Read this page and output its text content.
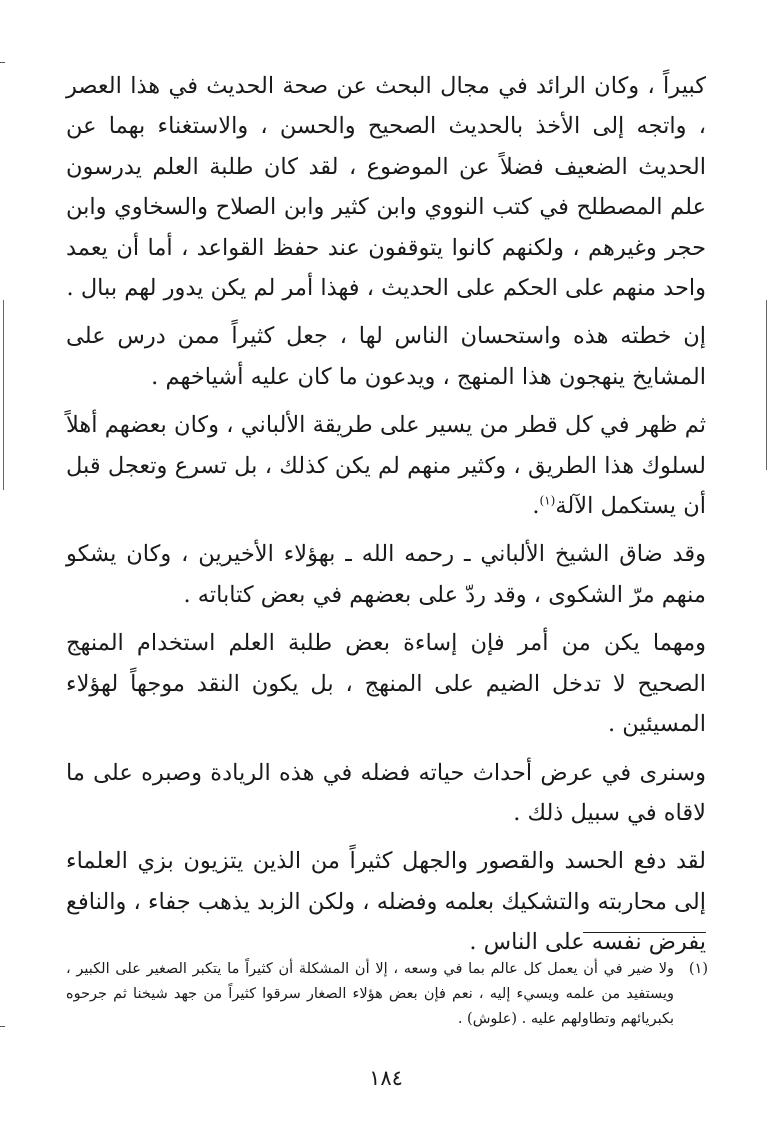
كبيراً ، وكان الرائد في مجال البحث عن صحة الحديث في هذا العصر ، واتجه إلى الأخذ بالحديث الصحيح والحسن ، والاستغناء بهما عن الحديث الضعيف فضلاً عن الموضوع ، لقد كان طلبة العلم يدرسون علم المصطلح في كتب النووي وابن كثير وابن الصلاح والسخاوي وابن حجر وغيرهم ، ولكنهم كانوا يتوقفون عند حفظ القواعد ، أما أن يعمد واحد منهم على الحكم على الحديث ، فهذا أمر لم يكن يدور لهم ببال .

إن خطته هذه واستحسان الناس لها ، جعل كثيراً ممن درس على المشايخ ينهجون هذا المنهج ، ويدعون ما كان عليه أشياخهم .

ثم ظهر في كل قطر من يسير على طريقة الألباني ، وكان بعضهم أهلاً لسلوك هذا الطريق ، وكثير منهم لم يكن كذلك ، بل تسرع وتعجل قبل أن يستكمل الآلة$^{(١)}$.

وقد ضاق الشيخ الألباني ـ رحمه الله ـ بهؤلاء الأخيرين ، وكان يشكو منهم مرّ الشكوى ، وقد ردّ على بعضهم في بعض كتاباته .

ومهما يكن من أمر فإن إساءة بعض طلبة العلم استخدام المنهج الصحيح لا تدخل الضيم على المنهج ، بل يكون النقد موجهاً لهؤلاء المسيئين .

وسنرى في عرض أحداث حياته فضله في هذه الريادة وصبره على ما لاقاه في سبيل ذلك .

لقد دفع الحسد والقصور والجهل كثيراً من الذين يتزيون بزي العلماء إلى محاربته والتشكيك بعلمه وفضله ، ولكن الزبد يذهب جفاء ، والنافع يفرض نفسه على الناس .

(١)
ولا ضير في أن يعمل كل عالم بما في وسعه ، إلا أن المشكلة أن كثيراً ما يتكبر الصغير على الكبير ، ويستفيد من علمه ويسيء إليه ، نعم فإن بعض هؤلاء الصغار سرقوا كثيراً من جهد شيخنا ثم جرحوه بكبريائهم وتطاولهم عليه . (علوش) .
١٨٤
